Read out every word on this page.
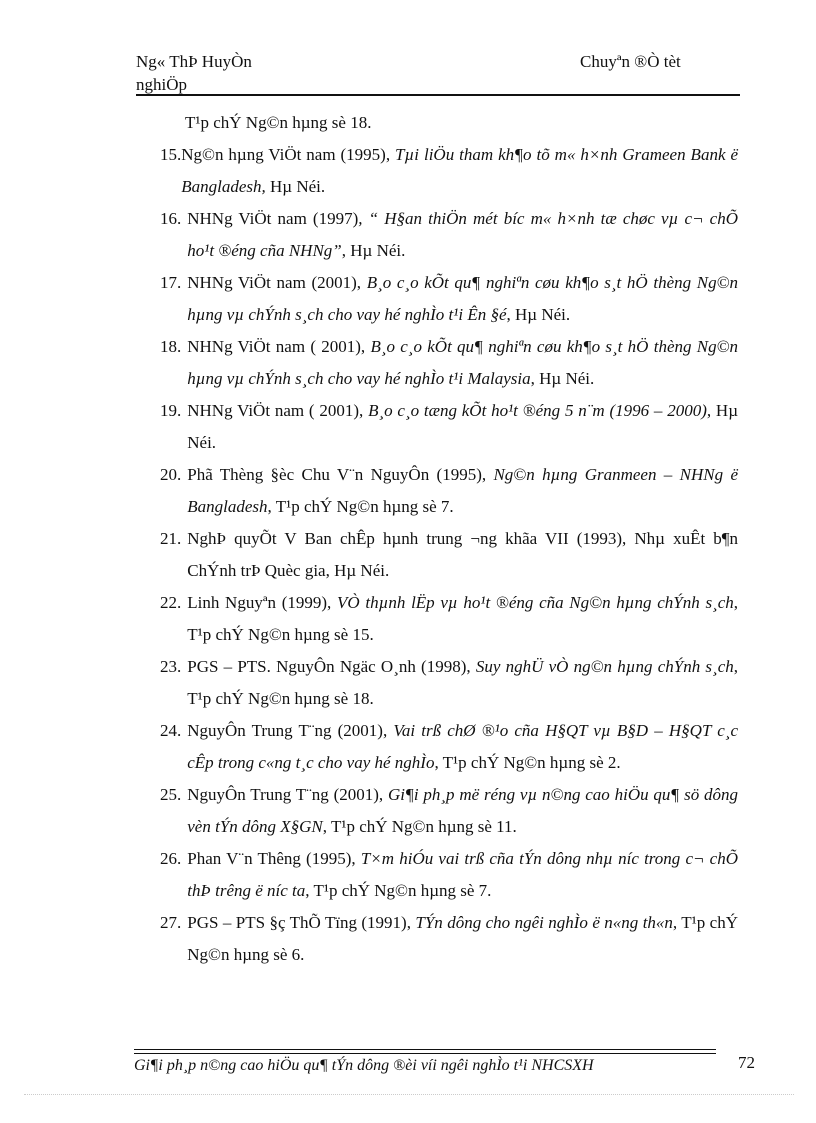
Ng« ThÞ HuyÒn
nghiÖp
Chuyªn ®Ò tèt
T¹p chÝ Ng©n hµng sè 18.
15. Ng©n hµng ViÖt nam (1995), Tµi liÖu tham kh¶o tõ m« h×nh Grameen Bank ë Bangladesh, Hµ Néi.
16. NHNg ViÖt nam (1997), “ H§an thiÖn mét bíc m« h×nh tæ chøc vµ c¬ chÕ ho¹t ®éng cña NHNg”, Hµ Néi.
17. NHNg ViÖt nam (2001), B¸o c¸o kÕt qu¶ nghiªn cøu kh¶o s¸t hÖ thèng Ng©n hµng vµ chÝnh s¸ch cho vay hé nghÌo t¹i Ên §é, Hµ Néi.
18. NHNg ViÖt nam ( 2001), B¸o c¸o kÕt qu¶ nghiªn cøu kh¶o s¸t hÖ thèng Ng©n hµng vµ chÝnh s¸ch cho vay hé nghÌo t¹i Malaysia, Hµ Néi.
19. NHNg ViÖt nam ( 2001), B¸o c¸o tæng kÕt ho¹t ®éng 5 n¨m (1996 – 2000), Hµ Néi.
20. Phã Thèng §èc Chu V¨n NguyÔn (1995), Ng©n hµng Granmeen – NHNg ë Bangladesh, T¹p chÝ Ng©n hµng sè 7.
21. NghÞ quyÕt V Ban chÊp hµnh trung ¬ng khãa VII (1993), Nhµ xuÊt b¶n ChÝnh trÞ Quèc gia, Hµ Néi.
22. Linh Nguyªn (1999), VÒ thµnh lËp vµ ho¹t ®éng cña Ng©n hµng chÝnh s¸ch, T¹p chÝ Ng©n hµng sè 15.
23. PGS – PTS. NguyÔn Ngäc O¸nh (1998), Suy nghÜ vÒ ng©n hµng chÝnh s¸ch, T¹p chÝ Ng©n hµng sè 18.
24. NguyÔn Trung T¨ng (2001), Vai trß chØ ®¹o cña H§QT vµ B§D – H§QT c¸c cÊp trong c«ng t¸c cho vay hé nghÌo, T¹p chÝ Ng©n hµng sè 2.
25. NguyÔn Trung T¨ng (2001), Gi¶i ph¸p më réng vµ n©ng cao hiÖu qu¶ sö dông vèn tÝn dông X§GN, T¹p chÝ Ng©n hµng sè 11.
26. Phan V¨n Thêng (1995), T×m hiÓu vai trß cña tÝn dông nhµ níc trong c¬ chÕ thÞ trêng ë níc ta, T¹p chÝ Ng©n hµng sè 7.
27. PGS – PTS §ç ThÕ Tïng (1991), TÝn dông cho ngêi nghÌo ë n«ng th«n, T¹p chÝ Ng©n hµng sè 6.
Gi¶i ph¸p n©ng cao hiÖu qu¶ tÝn dông ®èi víi ngêi nghÌo t¹i NHCSXH	72
